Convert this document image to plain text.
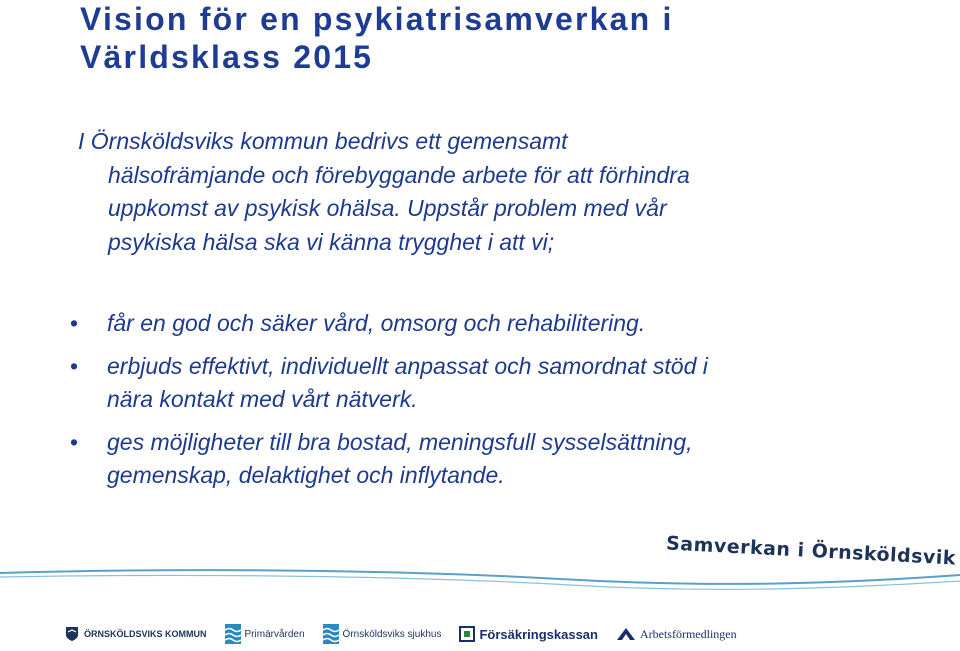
Vision för en psykiatrisamverkan i
Världsklass 2015

I Örnsköldsviks kommun bedrivs ett gemensamt
hälsofrämjande och förebyggande arbete för att förhindra
uppkomst av psykisk ohälsa. Uppstår problem med vår
psykiska hälsa ska vi känna trygghet i att vi;

• får en god och säker vård, omsorg och rehabilitering.
• erbjuds effektivt, individuellt anpassat och samordnat stöd i
nära kontakt med vårt nätverk.
• ges möjligheter till bra bostad, meningsfull sysselsättning,
gemenskap, delaktighet och inflytande.
Samverkan i Örnsköldsvik
ÖRNSKÖLDSVIKS KOMMUN	Primärvården	Örnsköldsviks sjukhus	Försäkringskassan	Arbetsförmedlingen
